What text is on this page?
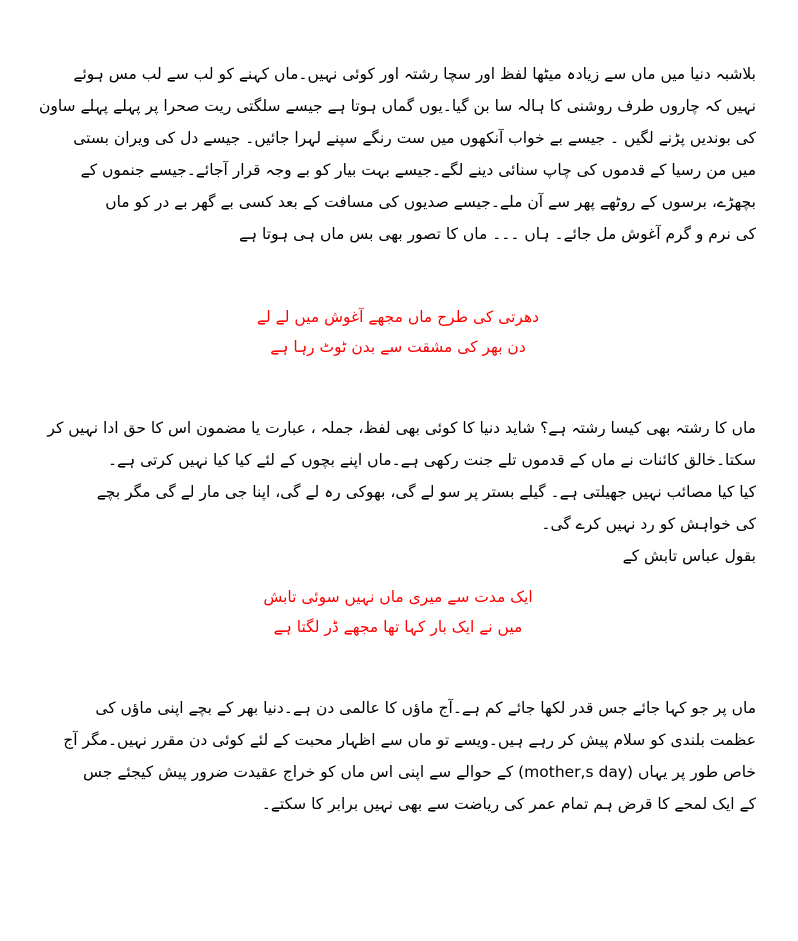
بلاشبہ دنیا میں ماں سے زیادہ میٹھا لفظ اور سچا رشتہ اور کوئی نہیں۔ماں کہنے کو لب سے لب مس ہوئے
نہیں کہ چاروں طرف روشنی کا ہالہ سا بن گیا۔یوں گماں ہوتا ہے جیسے سلگتی ریت صحرا پر پہلے پہلے ساون
کی بوندیں پڑنے لگیں ۔ جیسے بے خواب آنکھوں میں ست رنگے سپنے لہرا جائیں۔ جیسے دل کی ویران بستی
میں من رسیا کے قدموں کی چاپ سنائی دینے لگے۔جیسے بہت بیار کو بے وجہ قرار آجائے۔جیسے جنموں کے
بچھڑے، برسوں کے روٹھے پھر سے آن ملے۔جیسے صدیوں کی مسافت کے بعد کسی بے گھر بے در کو ماں
کی نرم و گرم آغوش مل جائے۔ ہاں ۔۔۔ ماں کا تصور بھی بس ماں ہی ہوتا ہے

دھرتی کی طرح ماں مجھے آغوش میں لے لے
دن بھر کی مشقت سے بدن ٹوٹ رہا ہے

ماں کا رشتہ بھی کیسا رشتہ ہے؟ شاید دنیا کا کوئی بھی لفظ، جملہ ، عبارت یا مضمون اس کا حق ادا نہیں کر
سکتا۔خالق کائنات نے ماں کے قدموں تلے جنت رکھی ہے۔ماں اپنے بچوں کے لئے کیا کیا نہیں کرتی ہے۔
کیا کیا مصائب نہیں جھیلتی ہے۔ گیلے بستر پر سو لے گی، بھوکی رہ لے گی، اپنا جی مار لے گی مگر بچے
کی خواہش کو رد نہیں کرے گی۔

بقول عباس تابش کے

ایک مدت سے میری ماں نہیں سوئی تابش
میں نے ایک بار کہا تھا مجھے ڈر لگتا ہے

ماں پر جو کہا جائے جس قدر لکھا جائے کم ہے۔آج ماؤں کا عالمی دن ہے۔دنیا بھر کے بچے اپنی ماؤں کی
عظمت بلندی کو سلام پیش کر رہے ہیں۔ویسے تو ماں سے اظہار محبت کے لئے کوئی دن مقرر نہیں۔مگر آج
خاص طور پر یہاں (mother,s day) کے حوالے سے اپنی اس ماں کو خراج عقیدت ضرور پیش کیجئے جس
کے ایک لمحے کا قرض ہم تمام عمر کی ریاضت سے بھی نہیں برابر کا سکتے۔
